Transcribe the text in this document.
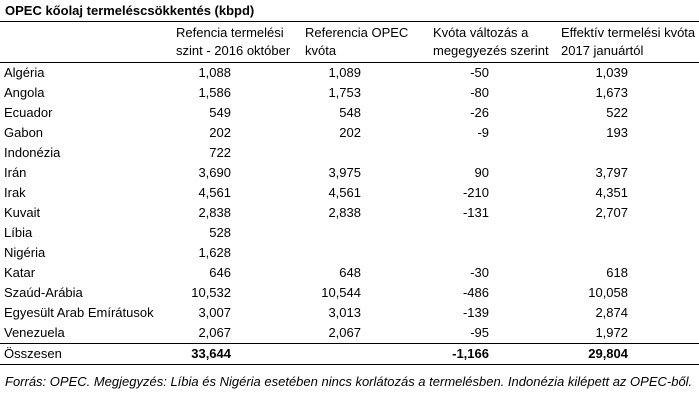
OPEC kőolaj termeléscsökkentés (kbpd)
	Refencia termelési szint - 2016 október	Referencia OPEC kvóta	Kvóta változás a megegyezés szerint	Effektív termelési kvóta 2017 januártól
Algéria	1,088	1,089	-50	1,039
Angola	1,586	1,753	-80	1,673
Ecuador	549	548	-26	522
Gabon	202	202	-9	193
Indonézia	722			
Irán	3,690	3,975	90	3,797
Irak	4,561	4,561	-210	4,351
Kuvait	2,838	2,838	-131	2,707
Líbia	528			
Nigéria	1,628			
Katar	646	648	-30	618
Szaúd-Arábia	10,532	10,544	-486	10,058
Egyesült Arab Emírátusok	3,007	3,013	-139	2,874
Venezuela	2,067	2,067	-95	1,972
Összesen	33,644		-1,166	29,804
Forrás: OPEC. Megjegyzés: Líbia és Nigéria esetében nincs korlátozás a termelésben. Indonézia kilépett az OPEC-ből.
